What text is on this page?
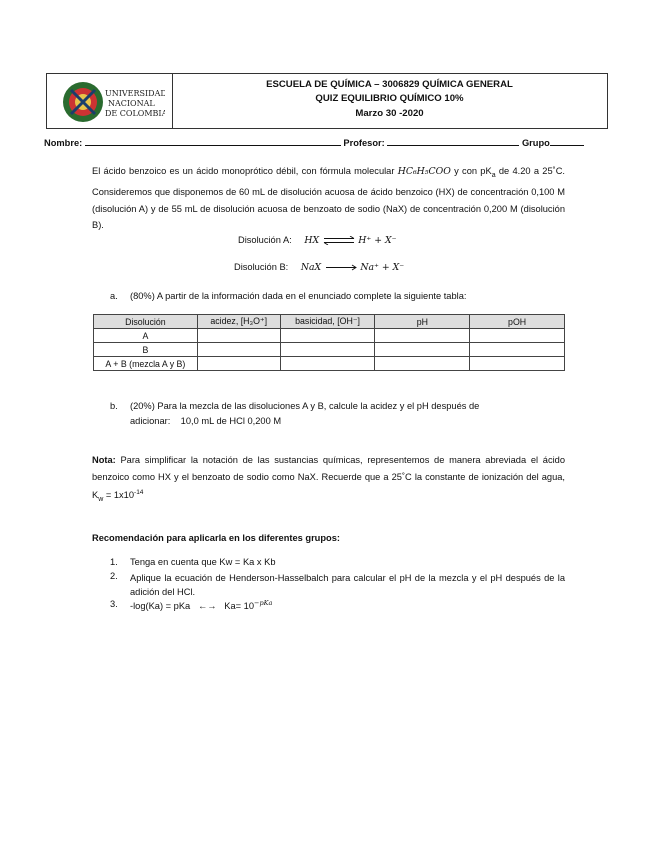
UNIVERSIDAD
NACIONAL
DE COLOMBIA
ESCUELA DE QUÍMICA – 3006829 QUÍMICA GENERAL
QUIZ EQUILIBRIO QUÍMICO 10%
Marzo 30 -2020
Nombre:	Profesor:	Grupo
El ácido benzoico es un ácido monoprótico débil, con fórmula molecular HC₆H₅COO y con $pK_a$ de 4.20 a 25˚C. Consideremos que disponemos de 60 mL de disolución acuosa de ácido benzoico (HX) de concentración 0,100 M (disolución A) y de 55 mL de disolución acuosa de benzoato de sodio (NaX) de concentración 0,200 M (disolución B).
Disolución A: HX ⇌ H⁺ + X⁻
Disolución B: NaX	Na⁺ + X⁻
a. (80%) A partir de la información dada en el enunciado complete la siguiente tabla:
Disolución	acidez, [H₃O⁺]	basicidad, [OH⁻]	pH	pOH
A				
B				
A + B (mezcla A y B)				
b. (20%) Para la mezcla de las disoluciones A y B, calcule la acidez y el pH después de
adicionar:    10,0 mL de HCl 0,200 M
Nota: Para simplificar la notación de las sustancias químicas, representemos de manera abreviada el ácido benzoico como HX y el benzoato de sodio como NaX. Recuerde que a 25˚C la constante de ionización del agua, $K_w = 1x10^{-14}$
Recomendación para aplicarla en los diferentes grupos:
1. Tenga en cuenta que Kw = Ka x Kb
2. Aplique la ecuación de Henderson-Hasselbalch para calcular el pH de la mezcla y el pH después de la adición del HCl.
3. -log(Ka) = pKa   ←→   $Ka= 10^{-pKa}$
